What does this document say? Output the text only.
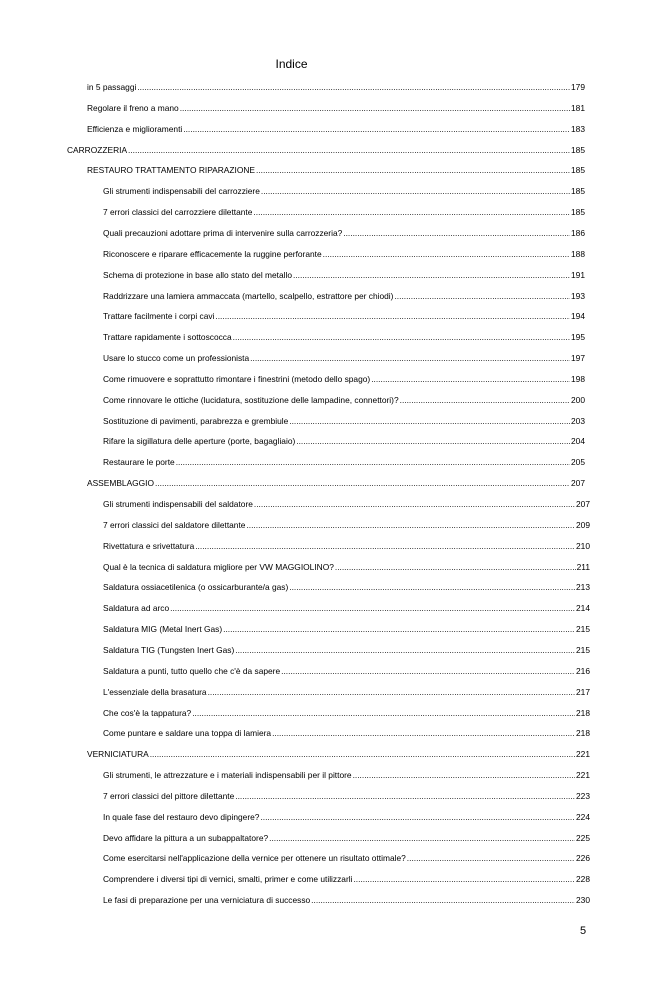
Indice
in 5 passaggi .....	179
Regolare il freno a mano .....	181
Efficienza e miglioramenti .....	183
CARROZZERIA .....	185
RESTAURO TRATTAMENTO RIPARAZIONE .....	185
Gli strumenti indispensabili del carrozziere .....	185
7 errori classici del carrozziere dilettante .....	185
Quali precauzioni adottare prima di intervenire sulla carrozzeria? .....	186
Riconoscere e riparare efficacemente la ruggine perforante .....	188
Schema di protezione in base allo stato del metallo .....	191
Raddrizzare una lamiera ammaccata (martello, scalpello, estrattore per chiodi) .....	193
Trattare facilmente i corpi cavi .....	194
Trattare rapidamente i sottoscocca .....	195
Usare lo stucco come un professionista .....	197
Come rimuovere e soprattutto rimontare i finestrini (metodo dello spago) .....	198
Come rinnovare le ottiche (lucidatura, sostituzione delle lampadine, connettori)? .....	200
Sostituzione di pavimenti, parabrezza e grembiule .....	203
Rifare la sigillatura delle aperture (porte, bagagliaio) .....	204
Restaurare le porte .....	205
ASSEMBLAGGIO .....	207
Gli strumenti indispensabili del saldatore .....	207
7 errori classici del saldatore dilettante .....	209
Rivettatura e srivettatura .....	210
Qual è la tecnica di saldatura migliore per VW MAGGIOLINO? .....	211
Saldatura ossiacetilenica (o ossicarburante/a gas) .....	213
Saldatura ad arco .....	214
Saldatura MIG (Metal Inert Gas) .....	215
Saldatura TIG (Tungsten Inert Gas) .....	215
Saldatura a punti, tutto quello che c'è da sapere .....	216
L'essenziale della brasatura .....	217
Che cos'è la tappatura? .....	218
Come puntare e saldare una toppa di lamiera .....	218
VERNICIATURA .....	221
Gli strumenti, le attrezzature e i materiali indispensabili per il pittore .....	221
7 errori classici del pittore dilettante .....	223
In quale fase del restauro devo dipingere? .....	224
Devo affidare la pittura a un subappaltatore? .....	225
Come esercitarsi nell'applicazione della vernice per ottenere un risultato ottimale? .....	226
Comprendere i diversi tipi di vernici, smalti, primer e come utilizzarli .....	228
Le fasi di preparazione per una verniciatura di successo .....	230
5
